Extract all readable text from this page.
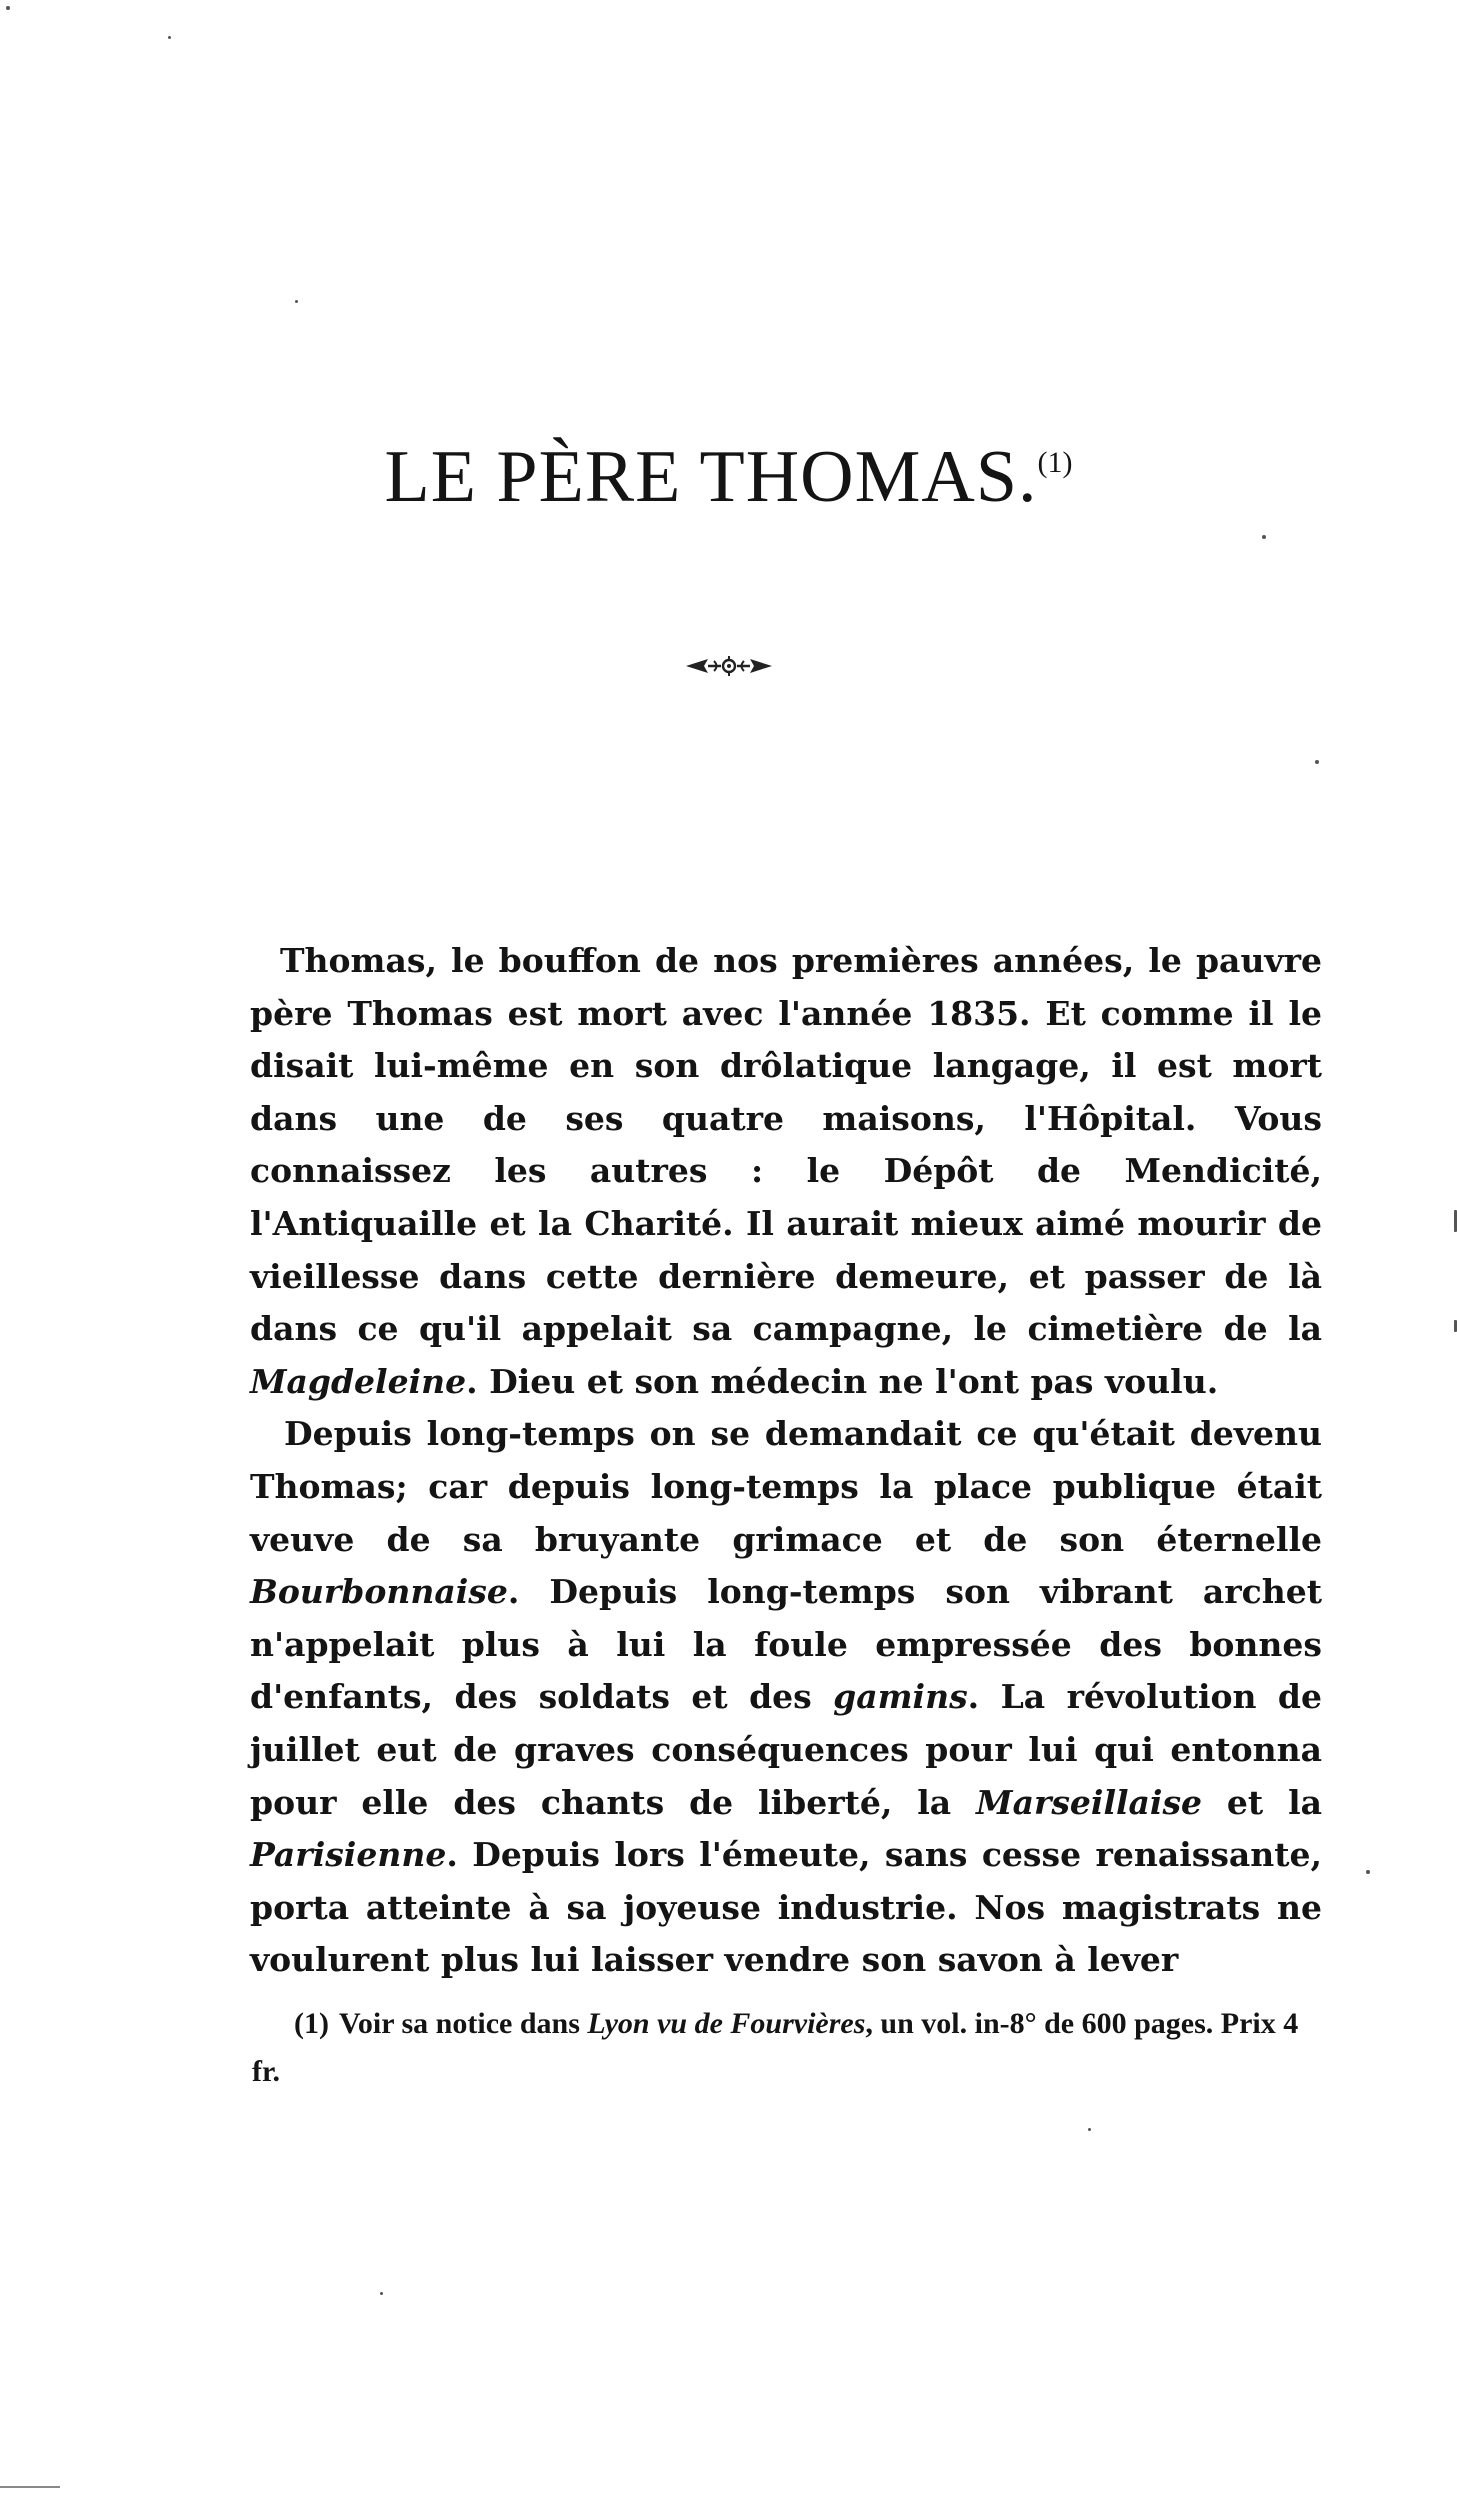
LE PÈRE THOMAS.$^{(1)}$

Thomas, le bouffon de nos premières années, le pauvre père Thomas est mort avec l'année 1835. Et comme il le disait lui-même en son drôlatique langage, il est mort dans une de ses quatre maisons, l'Hôpital. Vous connaissez les autres : le Dépôt de Mendicité, l'Antiquaille et la Charité. Il aurait mieux aimé mourir de vieillesse dans cette dernière demeure, et passer de là dans ce qu'il appelait sa campagne, le cimetière de la Magdeleine. Dieu et son médecin ne l'ont pas voulu.

Depuis long-temps on se demandait ce qu'était devenu Thomas; car depuis long-temps la place publique était veuve de sa bruyante grimace et de son éternelle Bourbonnaise. Depuis long-temps son vibrant archet n'appelait plus à lui la foule empressée des bonnes d'enfants, des soldats et des gamins. La révolution de juillet eut de graves conséquences pour lui qui entonna pour elle des chants de liberté, la Marseillaise et la Parisienne. Depuis lors l'émeute, sans cesse renaissante, porta atteinte à sa joyeuse industrie. Nos magistrats ne voulurent plus lui laisser vendre son savon à lever

(1) Voir sa notice dans Lyon vu de Fourvières, un vol. in-8° de 600 pages. Prix 4 fr.
